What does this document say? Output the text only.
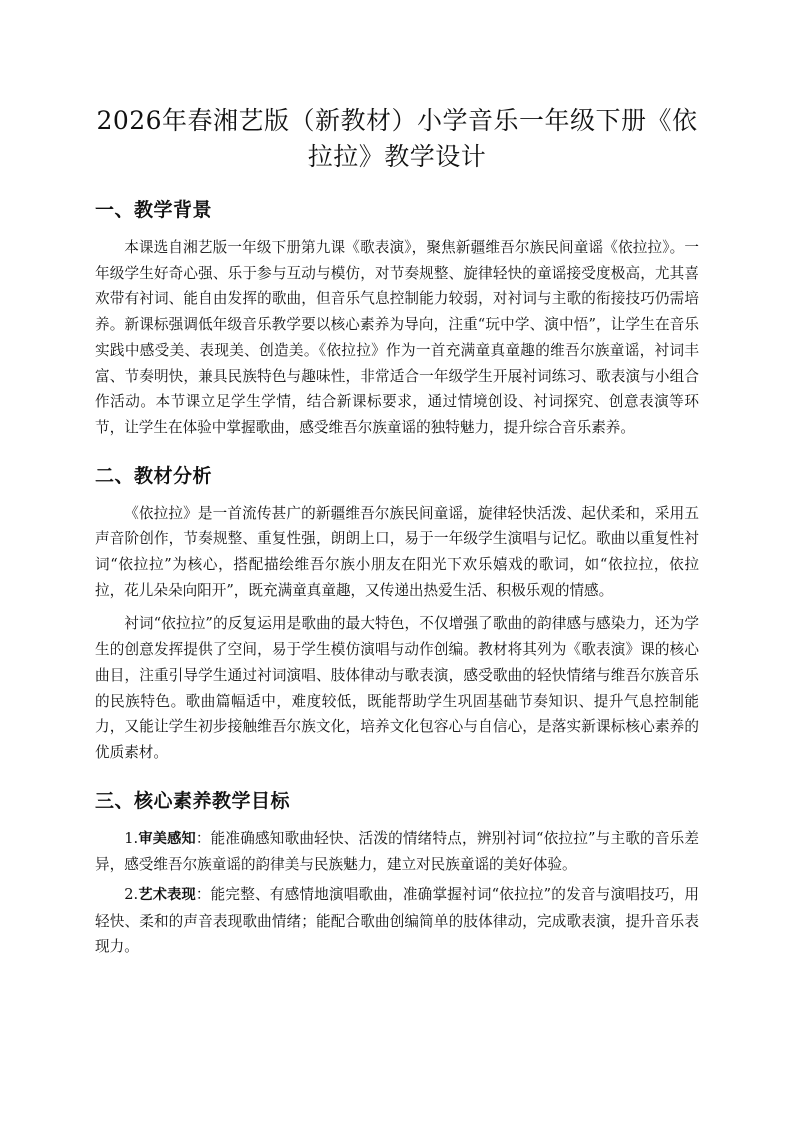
2026年春湘艺版（新教材）小学音乐一年级下册《依拉拉》教学设计
一、教学背景

本课选自湘艺版一年级下册第九课《歌表演》，聚焦新疆维吾尔族民间童谣《依拉拉》。一年级学生好奇心强、乐于参与互动与模仿，对节奏规整、旋律轻快的童谣接受度极高，尤其喜欢带有衬词、能自由发挥的歌曲，但音乐气息控制能力较弱，对衬词与主歌的衔接技巧仍需培养。新课标强调低年级音乐教学要以核心素养为导向，注重“玩中学、演中悟”，让学生在音乐实践中感受美、表现美、创造美。《依拉拉》作为一首充满童真童趣的维吾尔族童谣，衬词丰富、节奏明快，兼具民族特色与趣味性，非常适合一年级学生开展衬词练习、歌表演与小组合作活动。本节课立足学生学情，结合新课标要求，通过情境创设、衬词探究、创意表演等环节，让学生在体验中掌握歌曲，感受维吾尔族童谣的独特魅力，提升综合音乐素养。

二、教材分析

《依拉拉》是一首流传甚广的新疆维吾尔族民间童谣，旋律轻快活泼、起伏柔和，采用五声音阶创作，节奏规整、重复性强，朗朗上口，易于一年级学生演唱与记忆。歌曲以重复性衬词“依拉拉”为核心，搭配描绘维吾尔族小朋友在阳光下欢乐嬉戏的歌词，如“依拉拉，依拉拉，花儿朵朵向阳开”，既充满童真童趣，又传递出热爱生活、积极乐观的情感。

衬词“依拉拉”的反复运用是歌曲的最大特色，不仅增强了歌曲的韵律感与感染力，还为学生的创意发挥提供了空间，易于学生模仿演唱与动作创编。教材将其列为《歌表演》课的核心曲目，注重引导学生通过衬词演唱、肢体律动与歌表演，感受歌曲的轻快情绪与维吾尔族音乐的民族特色。歌曲篇幅适中，难度较低，既能帮助学生巩固基础节奏知识、提升气息控制能力，又能让学生初步接触维吾尔族文化，培养文化包容心与自信心，是落实新课标核心素养的优质素材。

三、核心素养教学目标

1.审美感知：能准确感知歌曲轻快、活泼的情绪特点，辨别衬词“依拉拉”与主歌的音乐差异，感受维吾尔族童谣的韵律美与民族魅力，建立对民族童谣的美好体验。

2.艺术表现：能完整、有感情地演唱歌曲，准确掌握衬词“依拉拉”的发音与演唱技巧，用轻快、柔和的声音表现歌曲情绪；能配合歌曲创编简单的肢体律动，完成歌表演，提升音乐表现力。
